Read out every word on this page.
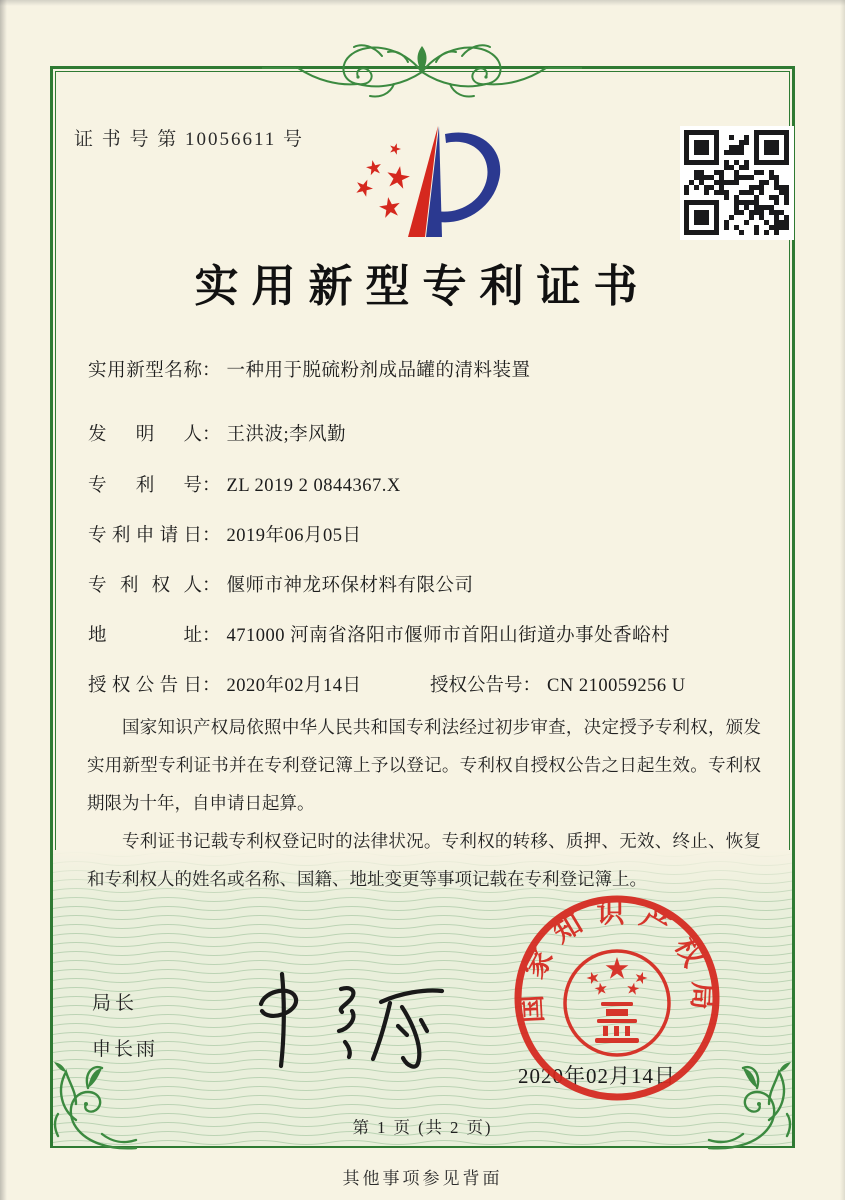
证 书 号 第 10056611 号
实用新型专利证书
实用新型名称： 一种用于脱硫粉剂成品罐的清料装置
发明人： 王洪波;李风勤
专利号： ZL 2019 2 0844367.X
专利申请日： 2019年06月05日
专利权人： 偃师市神龙环保材料有限公司
地址： 471000 河南省洛阳市偃师市首阳山街道办事处香峪村
授权公告日： 2020年02月14日	授权公告号： CN 210059256 U

国家知识产权局依照中华人民共和国专利法经过初步审查，决定授予专利权，颁发实用新型专利证书并在专利登记簿上予以登记。专利权自授权公告之日起生效。专利权期限为十年，自申请日起算。

专利证书记载专利权登记时的法律状况。专利权的转移、质押、无效、终止、恢复和专利权人的姓名或名称、国籍、地址变更等事项记载在专利登记簿上。

局长
申长雨
2020年02月14日
国家知识产权局
第 1 页 (共 2 页)
其他事项参见背面
